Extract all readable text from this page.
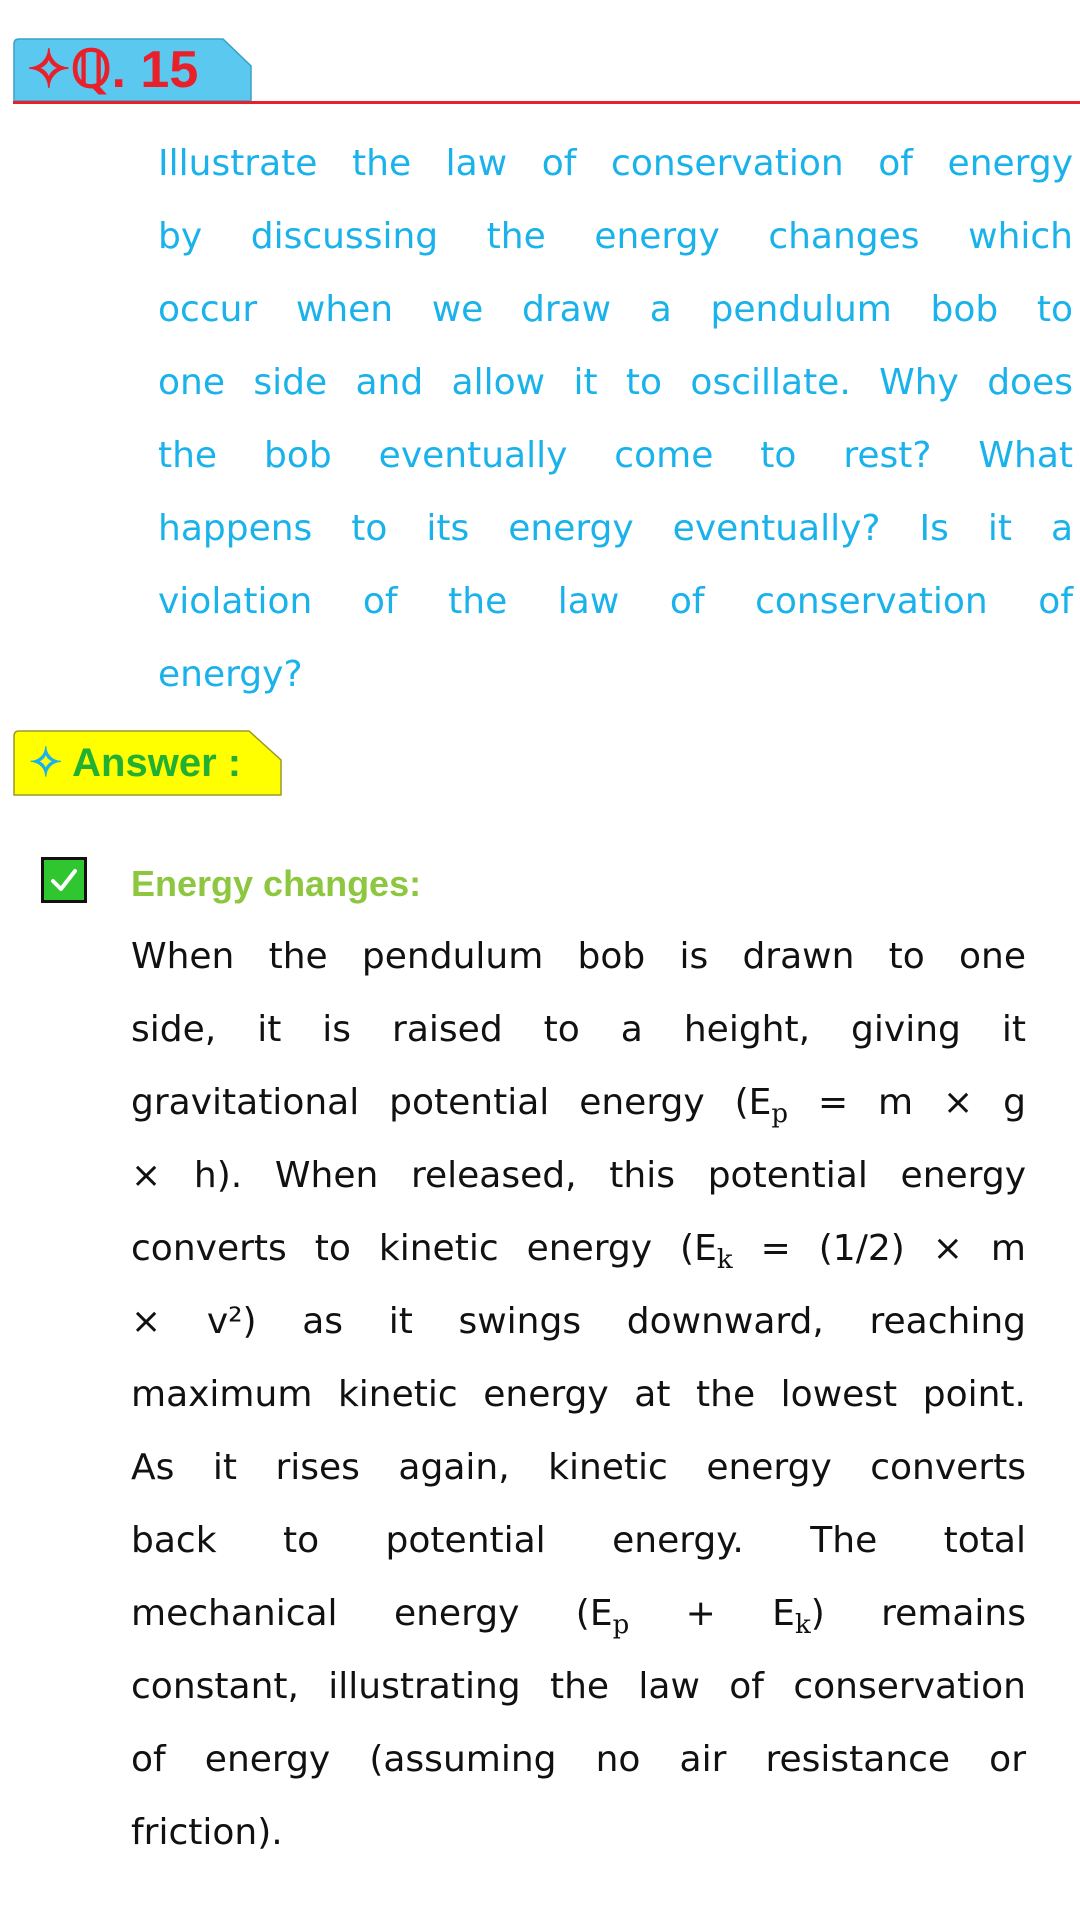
✧ℚ. 15
Illustrate the law of conservation of energy by discussing the energy changes which occur when we draw a pendulum bob to one side and allow it to oscillate. Why does the bob eventually come to rest? What happens to its energy eventually? Is it a violation of the law of conservation of energy?
✧ Answer :
Energy changes:
When the pendulum bob is drawn to one side, it is raised to a height, giving it gravitational potential energy $(E_p = m \times g \times h)$. When released, this potential energy converts to kinetic energy $(E_k = (1/2) \times m \times v^2)$ as it swings downward, reaching maximum kinetic energy at the lowest point. As it rises again, kinetic energy converts back to potential energy. The total mechanical energy $(E_p + E_k)$ remains constant, illustrating the law of conservation of energy (assuming no air resistance or friction).
